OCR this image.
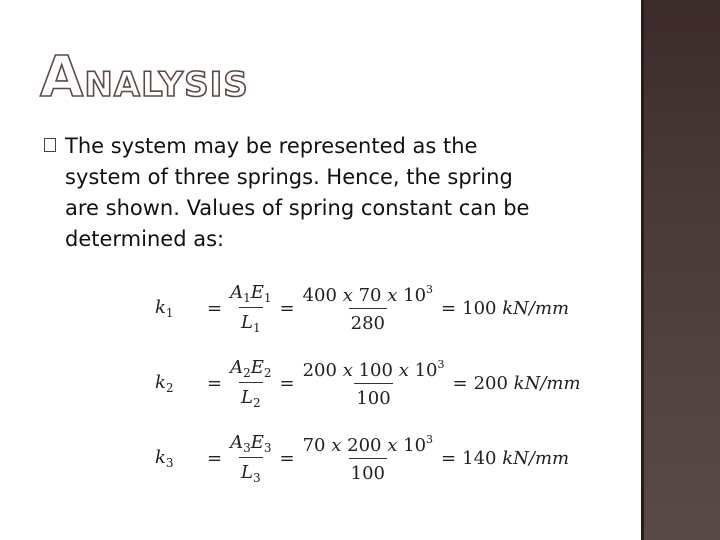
A NALYSIS
The system may be represented as the
system of three springs. Hence, the spring
are shown. Values of spring constant can be
determined as:
$k_1$	= $\frac{A_1E_1}{L_1} = \frac{400 x 70 x 10^3}{280} = 100$ kN/mm
$k_2$	= $\frac{A_2E_2}{L_2} = \frac{200 x 100 x 10^3}{100} = 200$ kN/mm
$k_3$	= $\frac{A_3E_3}{L_3} = \frac{70 x 200 x 10^3}{100} = 140$ kN/mm
